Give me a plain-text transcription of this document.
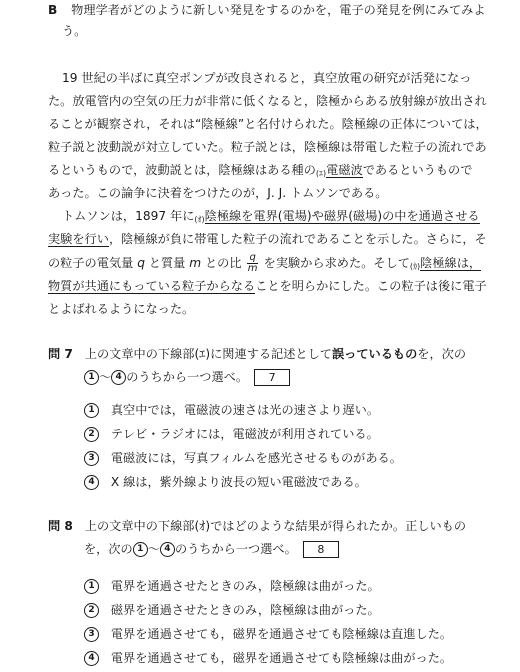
B 物理学者がどのように新しい発見をするのかを，電子の発見を例にみてみよ
う。
19 世紀の半ばに真空ポンプが改良されると，真空放電の研究が活発になっ
た。放電管内の空気の圧力が非常に低くなると，陰極からある放射線が放出され
ることが観察され，それは“陰極線”と名付けられた。陰極線の正体については，
粒子説と波動説が対立していた。粒子説とは，陰極線は帯電した粒子の流れであ
るというもので，波動説とは，陰極線はある種の(ｴ)電磁波であるというもので
あった。この論争に決着をつけたのが，J. J. トムソンである。
トムソンは，1897 年に(ｵ)陰極線を電界(電場)や磁界(磁場)の中を通過させる
実験を行い，陰極線が負に帯電した粒子の流れであることを示した。さらに，そ
の粒子の電気量 q と質量 m との比 $\frac{q}{m}$ を実験から求めた。そして(ｶ)陰極線は，
物質が共通にもっている粒子からなることを明らかにした。この粒子は後に電子
とよばれるようになった。
問 7 上の文章中の下線部(ｴ)に関連する記述として誤っているものを，次の
1 〜 4 のうちから一つ選べ。 7
1 真空中では，電磁波の速さは光の速さより遅い。
2 テレビ・ラジオには，電磁波が利用されている。
3 電磁波には，写真フィルムを感光させるものがある。
4 X 線は，紫外線より波長の短い電磁波である。
問 8 上の文章中の下線部(ｵ)ではどのような結果が得られたか。正しいもの
を，次の 1 〜 4 のうちから一つ選べ。 8
1 電界を通過させたときのみ，陰極線は曲がった。
2 磁界を通過させたときのみ，陰極線は曲がった。
3 電界を通過させても，磁界を通過させても陰極線は直進した。
4 電界を通過させても，磁界を通過させても陰極線は曲がった。
